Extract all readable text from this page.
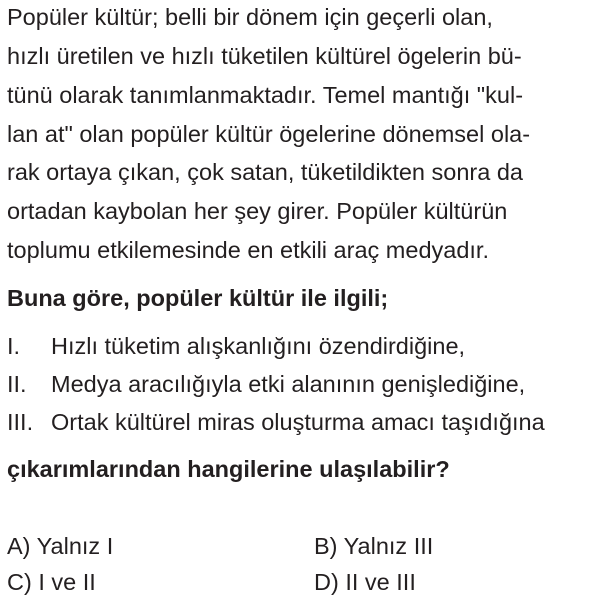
Popüler kültür; belli bir dönem için geçerli olan,
hızlı üretilen ve hızlı tüketilen kültürel ögelerin bü-
tünü olarak tanımlanmaktadır. Temel mantığı "kul-
lan at" olan popüler kültür ögelerine dönemsel ola-
rak ortaya çıkan, çok satan, tüketildikten sonra da
ortadan kaybolan her şey girer. Popüler kültürün
toplumu etkilemesinde en etkili araç medyadır.
Buna göre, popüler kültür ile ilgili;
I. Hızlı tüketim alışkanlığını özendirdiğine,
II. Medya aracılığıyla etki alanının genişlediğine,
III. Ortak kültürel miras oluşturma amacı taşıdığına
çıkarımlarından hangilerine ulaşılabilir?
A) Yalnız I	B) Yalnız III
C) I ve II	D) II ve III
